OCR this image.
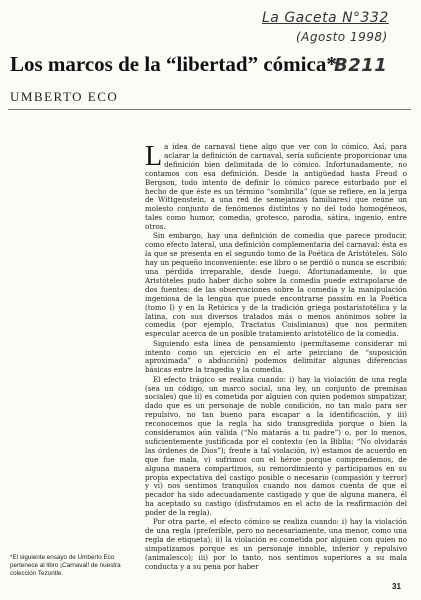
La Gaceta N°332
(Agosto 1998)
B211
Los marcos de la “libertad” cómica*
UMBERTO ECO

La idea de carnaval tiene algo que ver con lo cómico. Así, para aclarar la definición de carnaval, sería suficiente proporcionar una definición bien delimitada de lo cómico. Infortunadamente, no contamos con esa definición. Desde la antigüedad hasta Freud o Bergson, todo intento de definir lo cómico parece estorbado por el hecho de que éste es un término “sombrilla” (que se refiere, en la jerga de Wittgenstein, a una red de semejanzas familiares) que reúne un molesto conjunto de fenómenos distintos y no del todo homogéneos, tales como humor, comedia, grotesco, parodia, sátira, ingenio, entre otros.

Sin embargo, hay una definición de comedia que parece producir, como efecto lateral, una definición complementaria del carnaval: ésta es la que se presenta en el segundo tomo de la Poética de Aristóteles. Sólo hay un pequeño inconveniente: ese libro o se perdió o nunca se escribió; una pérdida irreparable, desde luego. Afortunadamente, lo que Aristóteles pudo haber dicho sobre la comedia puede extrapolarse de dos fuentes: de las observaciones sobre la comedia y la manipulación ingeniosa de la lengua que puede encontrarse passim en la Poética (tomo I) y en la Retórica y de la tradición griega postaristotélica y la latina, con sus diversos tratados más o menos anónimos sobre la comedia (por ejemplo, Tractatus Coislinianus) que nos permiten especular acerca de un posible tratamiento aristotélico de la comedia.

Siguiendo esta línea de pensamiento (permítaseme considerar mi intento como un ejercicio en el arte peirciano de “suposición aproximada” o abducción) podemos delimitar algunas diferencias básicas entre la tragedia y la comedia.

El efecto trágico se realiza cuando: i) hay la violación de una regla (sea un código, un marco social, una ley, un conjunto de premisas sociales) que ii) es cometida por alguien con quien podemos simpatizar, dado que es un personaje de noble condición, no tan malo para ser repulsivo, no tan bueno para escapar a la identificación, y iii) reconocemos que la regla ha sido transgredida porque o bien la consideramos aún válida (“No matarás a tu padre”) o, por lo menos, suficientemente justificada por el contexto (en la Biblia: “No olvidarás las órdenes de Dios”); frente a tal violación, iv) estamos de acuerdo en que fue mala, v) sufrimos con el héroe porque comprendemos, de alguna manera compartimos, su remordimiento y participamos en su propia expectativa del castigo posible o necesario (compasión y terror) y vi) nos sentimos tranquilos cuando nos damos cuenta de que el pecador ha sido adecuadamente castigado y que de alguna manera, él ha aceptado su castigo (disfrutamos en el acto de la reafirmación del poder de la regla).

Por otra parte, el efecto cómico se realiza cuando: i) hay la violación de una regla (preferible, pero no necesariamente, una menor, como una regla de etiqueta); ii) la violación es cometida por alguien con quien no simpatizamos porque es un personaje innoble, inferior y repulsivo (animalesco); iii) por lo tanto, nos sentimos superiores a su mala conducta y a su pena por haber

*El siguiente ensayo de Umberto Eco pertenece al libro ¡Carnaval! de nuestra colección Tezontle.
31
